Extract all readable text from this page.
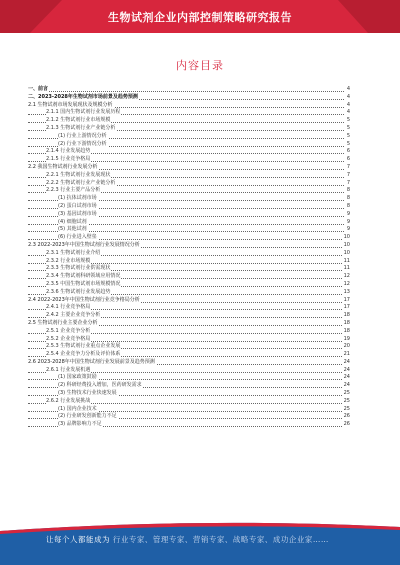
生物试剂企业内部控制策略研究报告
内容目录
一、前言	4
二、2023-2028年生物试剂市场前景及趋势预测	4
2.1 生物试剂市场发展现状及规模分析	4
2.1.1 国内生物试剂行业发展历程	4
2.1.2 生物试剂行业市场规模	5
2.1.3 生物试剂行业产业链分析	5
(1) 行业上游情况分析	5
(2) 行业下游情况分析	5
2.1.4 行业发展趋势	6
2.1.5 行业竞争格局	6
2.2 我国生物试剂行业发展分析	7
2.2.1 生物试剂行业发展现状	7
2.2.2 生物试剂行业产业链分析	7
2.2.3 行业主要产品分析	8
(1) 抗体试剂市场	8
(2) 蛋白试剂市场	8
(3) 基因试剂市场	9
(4) 细胞试剂	9
(5) 其他试剂	9
(6) 行业进入壁垒	10
2.3 2022-2023年中国生物试剂行业发展情况分析	10
2.3.1 生物试剂行业介绍	10
2.3.2 行业市场规模	11
2.3.3 生物试剂行业供需现状	11
2.3.4 生物试剂科研领域应用情况	12
2.3.5 中国生物试剂市场规模情况	12
2.3.6 生物试剂行业发展趋势	13
2.4 2022-2023年中国生物试剂行业竞争格局分析	17
2.4.1 行业竞争格局	17
2.4.2 主要企业竞争分析	18
2.5 生物试剂行业主要企业分析	18
2.5.1 企业竞争分析	18
2.5.2 企业竞争格局	19
2.5.3 生物试剂行业重点企业发展	20
2.5.4 企业竞争力分析及评价体系	21
2.6 2023-2028年中国生物试剂行业发展前景及趋势预测	24
2.6.1 行业发展机遇	24
(1) 国家政策鼓励	24
(2) 科研经费投入增加，医药研发需求	24
(3) 生物技术行业快速发展	25
2.6.2 行业发展挑战	25
(1) 国内企业技术	25
(2) 行业研发创新能力不足	26
(3) 品牌影响力不足	26
让每个人都能成为 行业专家、管理专家、营销专家、战略专家、成功企业家……
